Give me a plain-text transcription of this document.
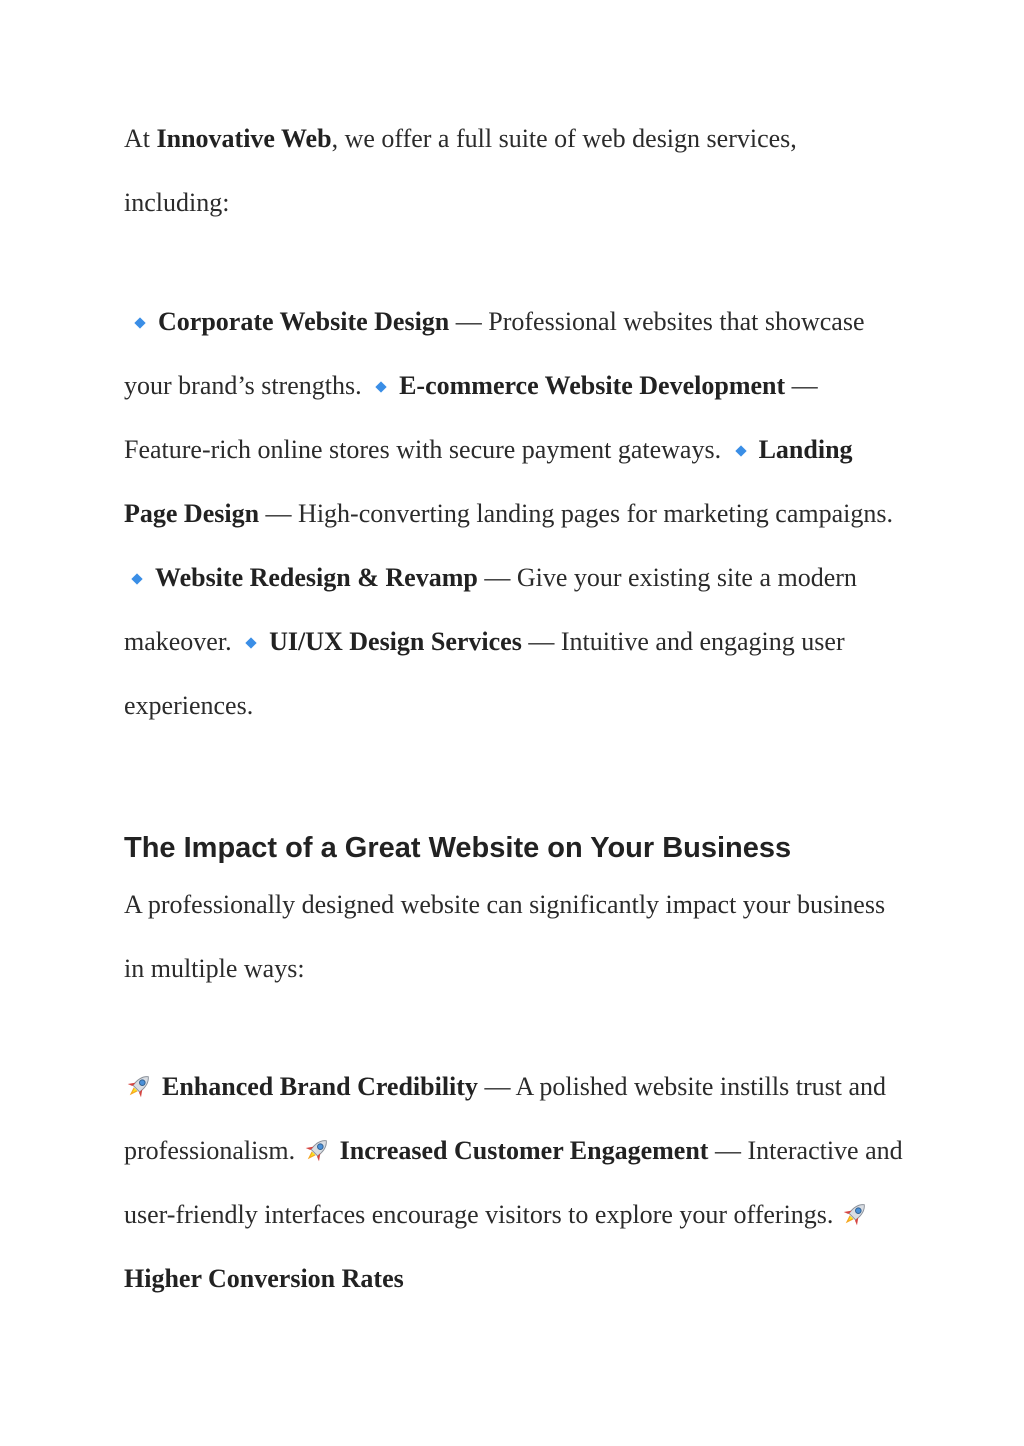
At Innovative Web, we offer a full suite of web design services, including:

Corporate Website Design — Professional websites that showcase your brand’s strengths. E-commerce Website Development — Feature-rich online stores with secure payment gateways. Landing Page Design — High-converting landing pages for marketing campaigns. Website Redesign & Revamp — Give your existing site a modern makeover. UI/UX Design Services — Intuitive and engaging user experiences.

The Impact of a Great Website on Your Business

A professionally designed website can significantly impact your business in multiple ways:

Enhanced Brand Credibility — A polished website instills trust and professionalism. Increased Customer Engagement — Interactive and user-friendly interfaces encourage visitors to explore your offerings.
Higher Conversion Rates
